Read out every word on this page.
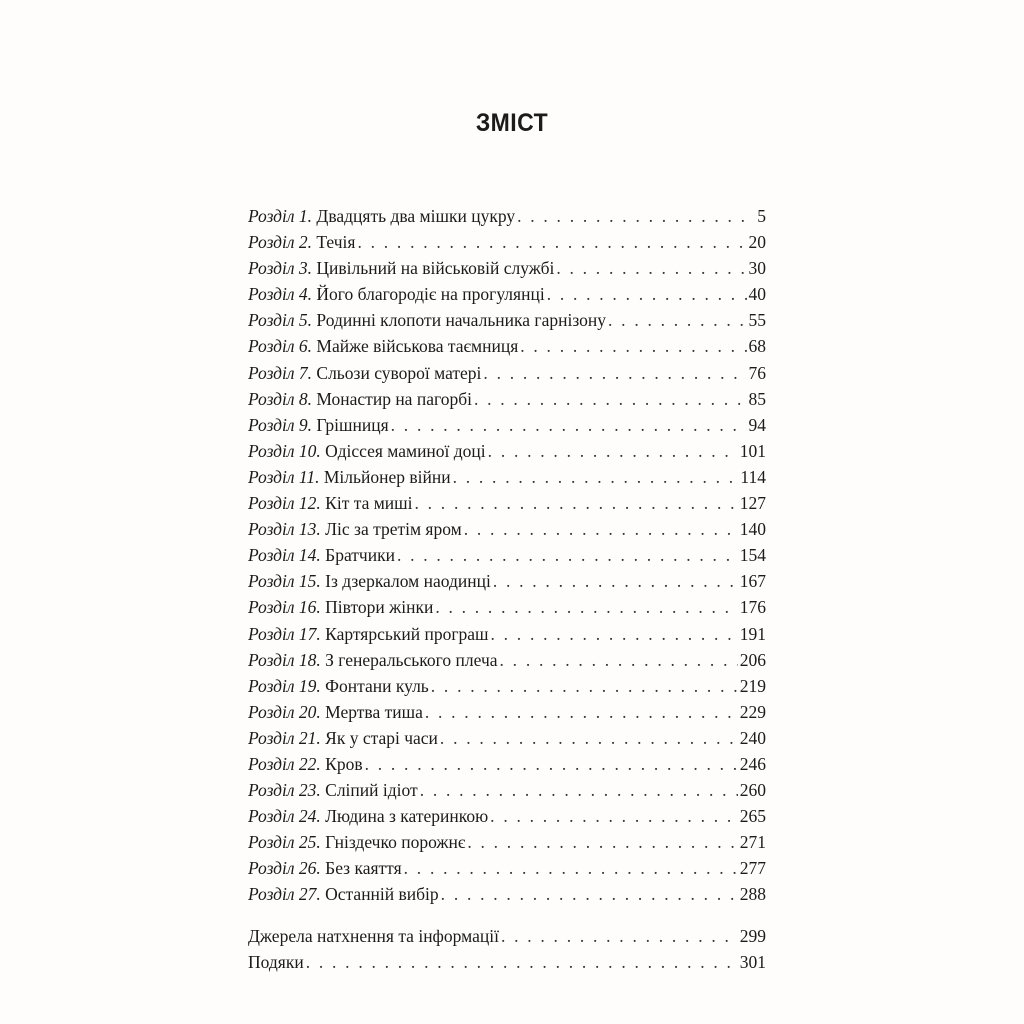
ЗМІСТ
Розділ 1. Двадцять два мішки цукру . . .	5
Розділ 2. Течія . . .	20
Розділ 3. Цивільний на військовій службі . . .	30
Розділ 4. Його благородіє на прогулянці . . .	40
Розділ 5. Родинні клопоти начальника гарнізону . . .	55
Розділ 6. Майже військова таємниця . . .	68
Розділ 7. Сльози суворої матері . . .	76
Розділ 8. Монастир на пагорбі . . .	85
Розділ 9. Грішниця . . .	94
Розділ 10. Одіссея маминої доці . . .	101
Розділ 11. Мільйонер війни . . .	114
Розділ 12. Кіт та миші . . .	127
Розділ 13. Ліс за третім яром . . .	140
Розділ 14. Братчики . . .	154
Розділ 15. Із дзеркалом наодинці . . .	167
Розділ 16. Півтори жінки . . .	176
Розділ 17. Картярський програш . . .	191
Розділ 18. З генеральського плеча . . .	206
Розділ 19. Фонтани куль . . .	219
Розділ 20. Мертва тиша . . .	229
Розділ 21. Як у старі часи . . .	240
Розділ 22. Кров . . .	246
Розділ 23. Сліпий ідіот . . .	260
Розділ 24. Людина з катеринкою . . .	265
Розділ 25. Гніздечко порожнє . . .	271
Розділ 26. Без каяття . . .	277
Розділ 27. Останній вибір . . .	288
Джерела натхнення та інформації . . .	299
Подяки . . .	301
